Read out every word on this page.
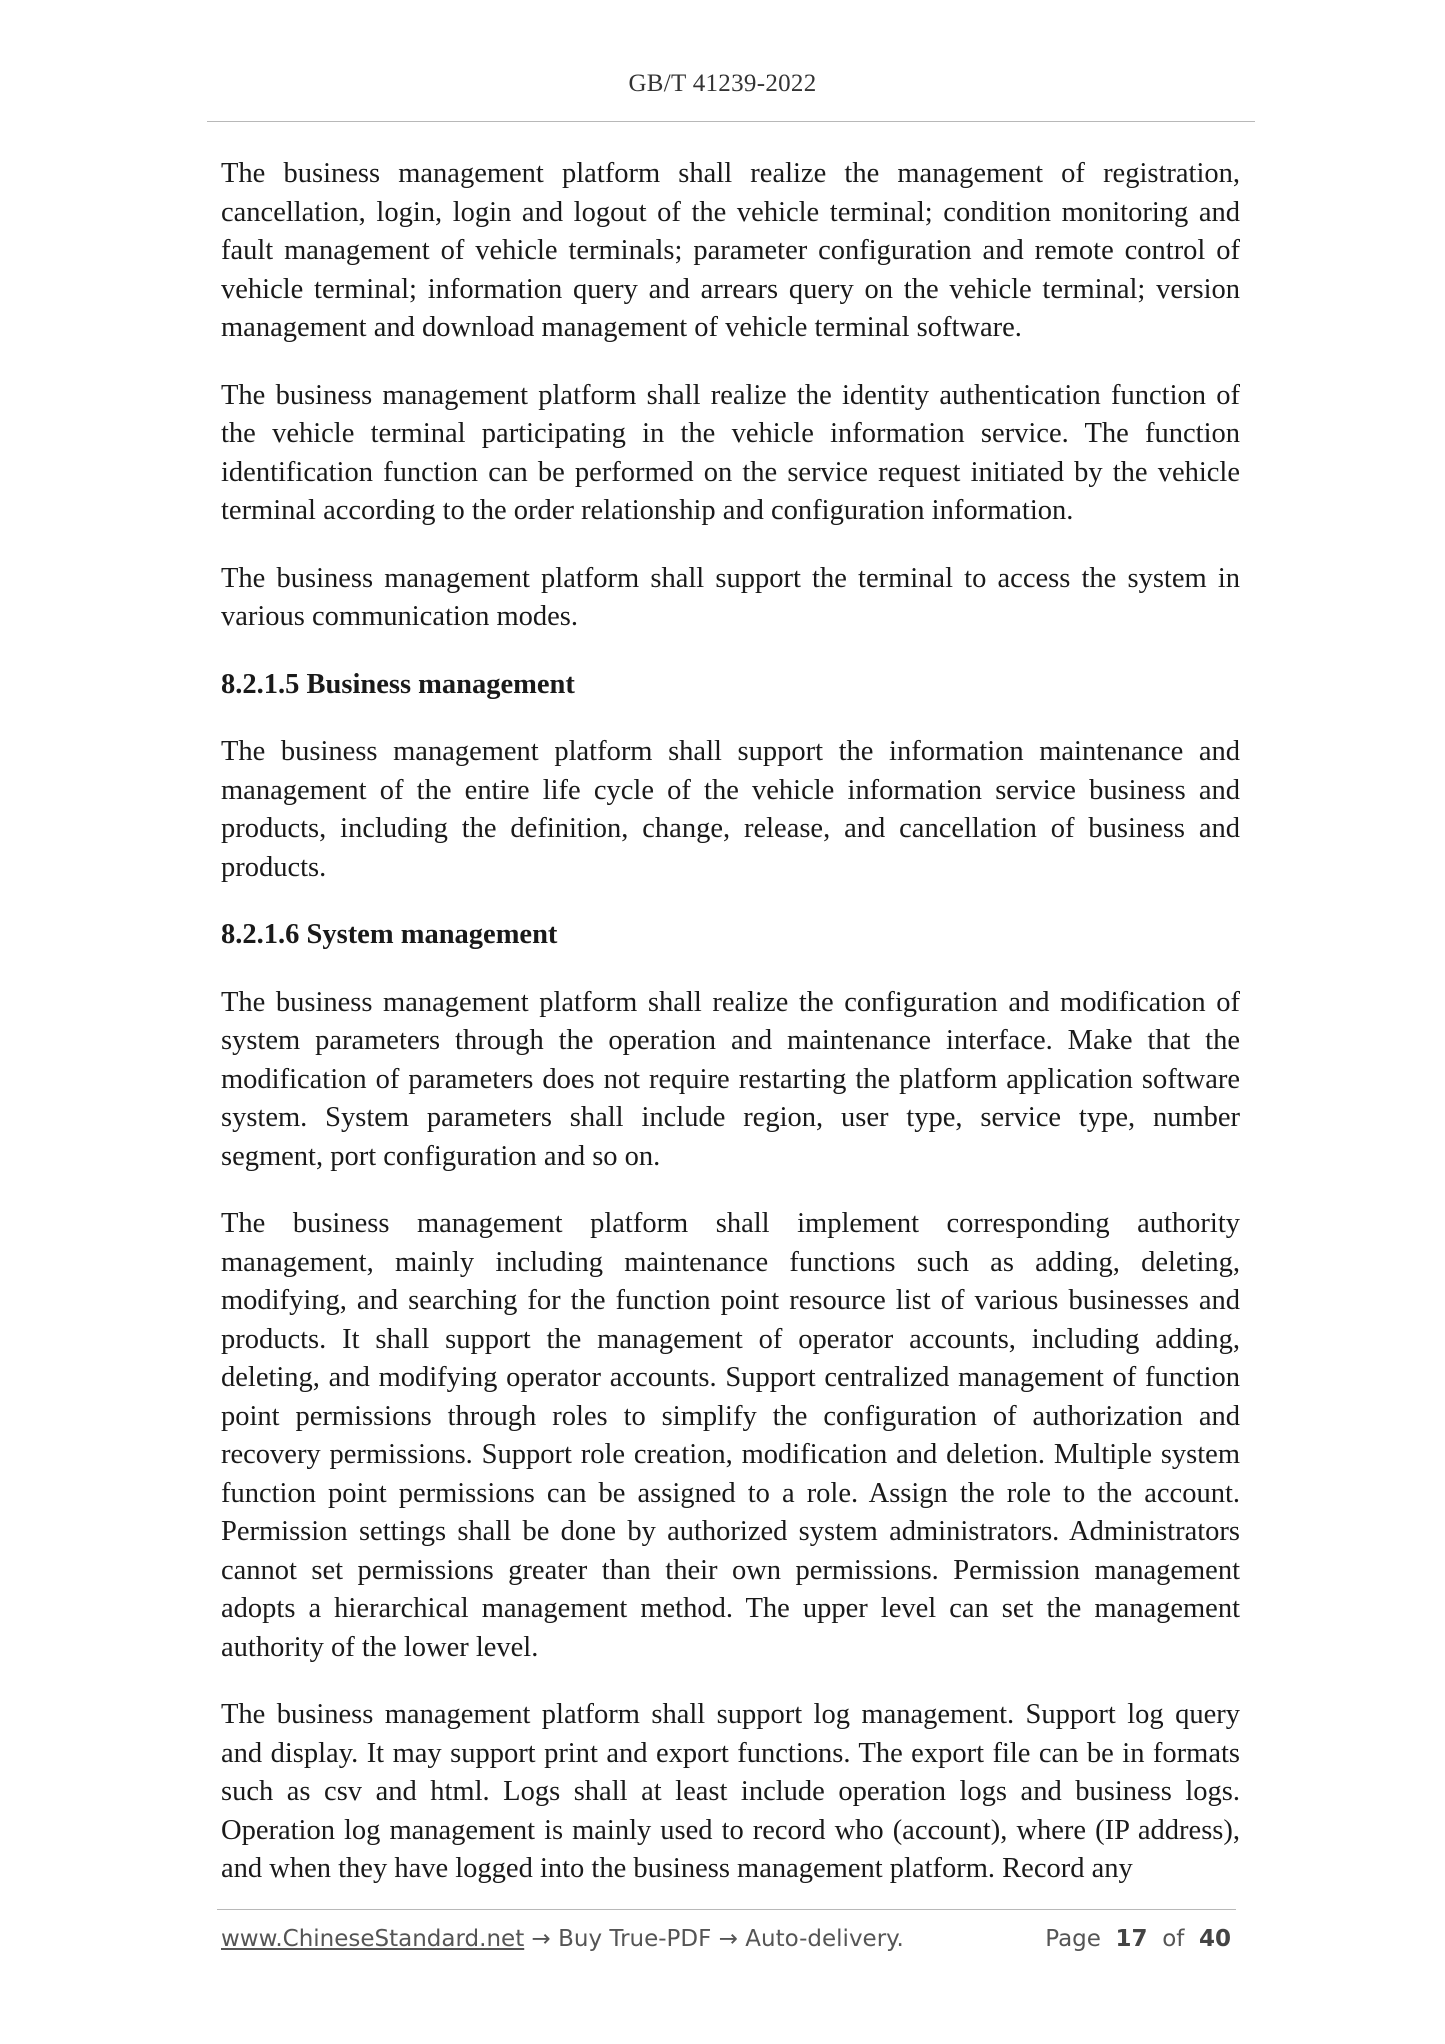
GB/T 41239-2022

The business management platform shall realize the management of registration, cancellation, login, login and logout of the vehicle terminal; condition monitoring and fault management of vehicle terminals; parameter configuration and remote control of vehicle terminal; information query and arrears query on the vehicle terminal; version management and download management of vehicle terminal software.

The business management platform shall realize the identity authentication function of the vehicle terminal participating in the vehicle information service. The function identification function can be performed on the service request initiated by the vehicle terminal according to the order relationship and configuration information.

The business management platform shall support the terminal to access the system in various communication modes.

8.2.1.5 Business management

The business management platform shall support the information maintenance and management of the entire life cycle of the vehicle information service business and products, including the definition, change, release, and cancellation of business and products.

8.2.1.6 System management

The business management platform shall realize the configuration and modification of system parameters through the operation and maintenance interface. Make that the modification of parameters does not require restarting the platform application software system. System parameters shall include region, user type, service type, number segment, port configuration and so on.

The business management platform shall implement corresponding authority management, mainly including maintenance functions such as adding, deleting, modifying, and searching for the function point resource list of various businesses and products. It shall support the management of operator accounts, including adding, deleting, and modifying operator accounts. Support centralized management of function point permissions through roles to simplify the configuration of authorization and recovery permissions. Support role creation, modification and deletion. Multiple system function point permissions can be assigned to a role. Assign the role to the account. Permission settings shall be done by authorized system administrators. Administrators cannot set permissions greater than their own permissions. Permission management adopts a hierarchical management method. The upper level can set the management authority of the lower level.

The business management platform shall support log management. Support log query and display. It may support print and export functions. The export file can be in formats such as csv and html. Logs shall at least include operation logs and business logs. Operation log management is mainly used to record who (account), where (IP address), and when they have logged into the business management platform. Record any

www.ChineseStandard.net → Buy True-PDF → Auto-delivery.	Page 17 of 40
